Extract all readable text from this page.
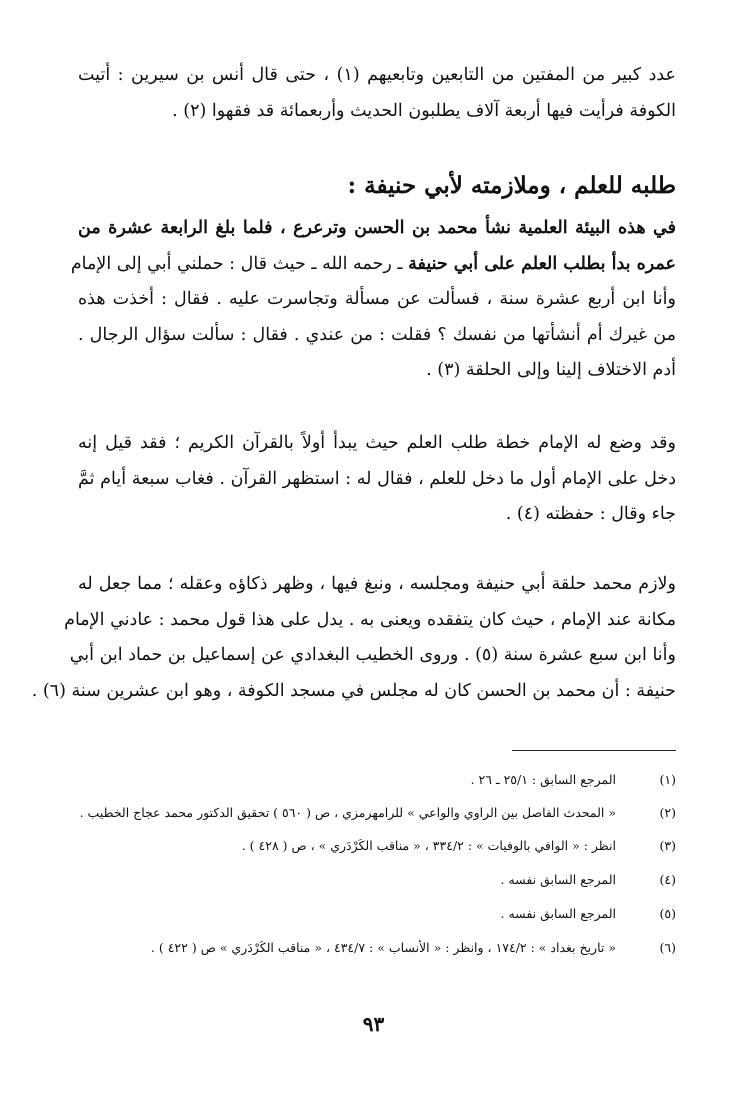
عدد كبير من المفتين من التابعين وتابعيهم (١) ، حتى قال أنس بن سيرين : أتيت
الكوفة فرأيت فيها أربعة آلاف يطلبون الحديث وأربعمائة قد فقهوا (٢) .
طلبه للعلم ، وملازمته لأبي حنيفة :
في هذه البيئة العلمية نشأ محمد بن الحسن وترعرع ، فلما بلغ الرابعة عشرة من
عمره بدأ بطلب العلم على أبي حنيفة ـ رحمه الله ـ حيث قال : حملني أبي إلى الإمام
وأنا ابن أربع عشرة سنة ، فسألت عن مسألة وتجاسرت عليه . فقال : أخذت هذه
من غيرك أم أنشأتها من نفسك ؟ فقلت : من عندي . فقال : سألت سؤال الرجال .
أدم الاختلاف إلينا وإلى الحلقة (٣) .
وقد وضع له الإمام خطة طلب العلم حيث يبدأ أولاً بالقرآن الكريم ؛ فقد قيل إنه
دخل على الإمام أول ما دخل للعلم ، فقال له : استظهر القرآن . فغاب سبعة أيام ثمَّ
جاء وقال : حفظته (٤) .
ولازم محمد حلقة أبي حنيفة ومجلسه ، ونبغ فيها ، وظهر ذكاؤه وعقله ؛ مما جعل له
مكانة عند الإمام ، حيث كان يتفقده ويعنى به . يدل على هذا قول محمد : عادني الإمام
وأنا ابن سبع عشرة سنة (٥) . وروى الخطيب البغدادي عن إسماعيل بن حماد ابن أبي
حنيفة : أن محمد بن الحسن كان له مجلس في مسجد الكوفة ، وهو ابن عشرين سنة (٦) .
(١)
المرجع السابق : ٢٥/١ ـ ٢٦ .
(٢)
« المحدث الفاصل بين الراوي والواعي » للرامهرمزي ، ص ( ٥٦٠ ) تحقيق الدكتور محمد عجاج الخطيب .
(٣)
انظر : « الوافي بالوفيات » : ٣٣٤/٢ ، « مناقب الكَرْدَري » ، ص ( ٤٢٨ ) .
(٤)
المرجع السابق نفسه .
(٥)
المرجع السابق نفسه .
(٦)
« تاريخ بغداد » : ١٧٤/٢ ، وانظر : « الأنساب » : ٤٣٤/٧ ، « مناقب الكَرْدَري » ص ( ٤٢٢ ) .
٩٣
